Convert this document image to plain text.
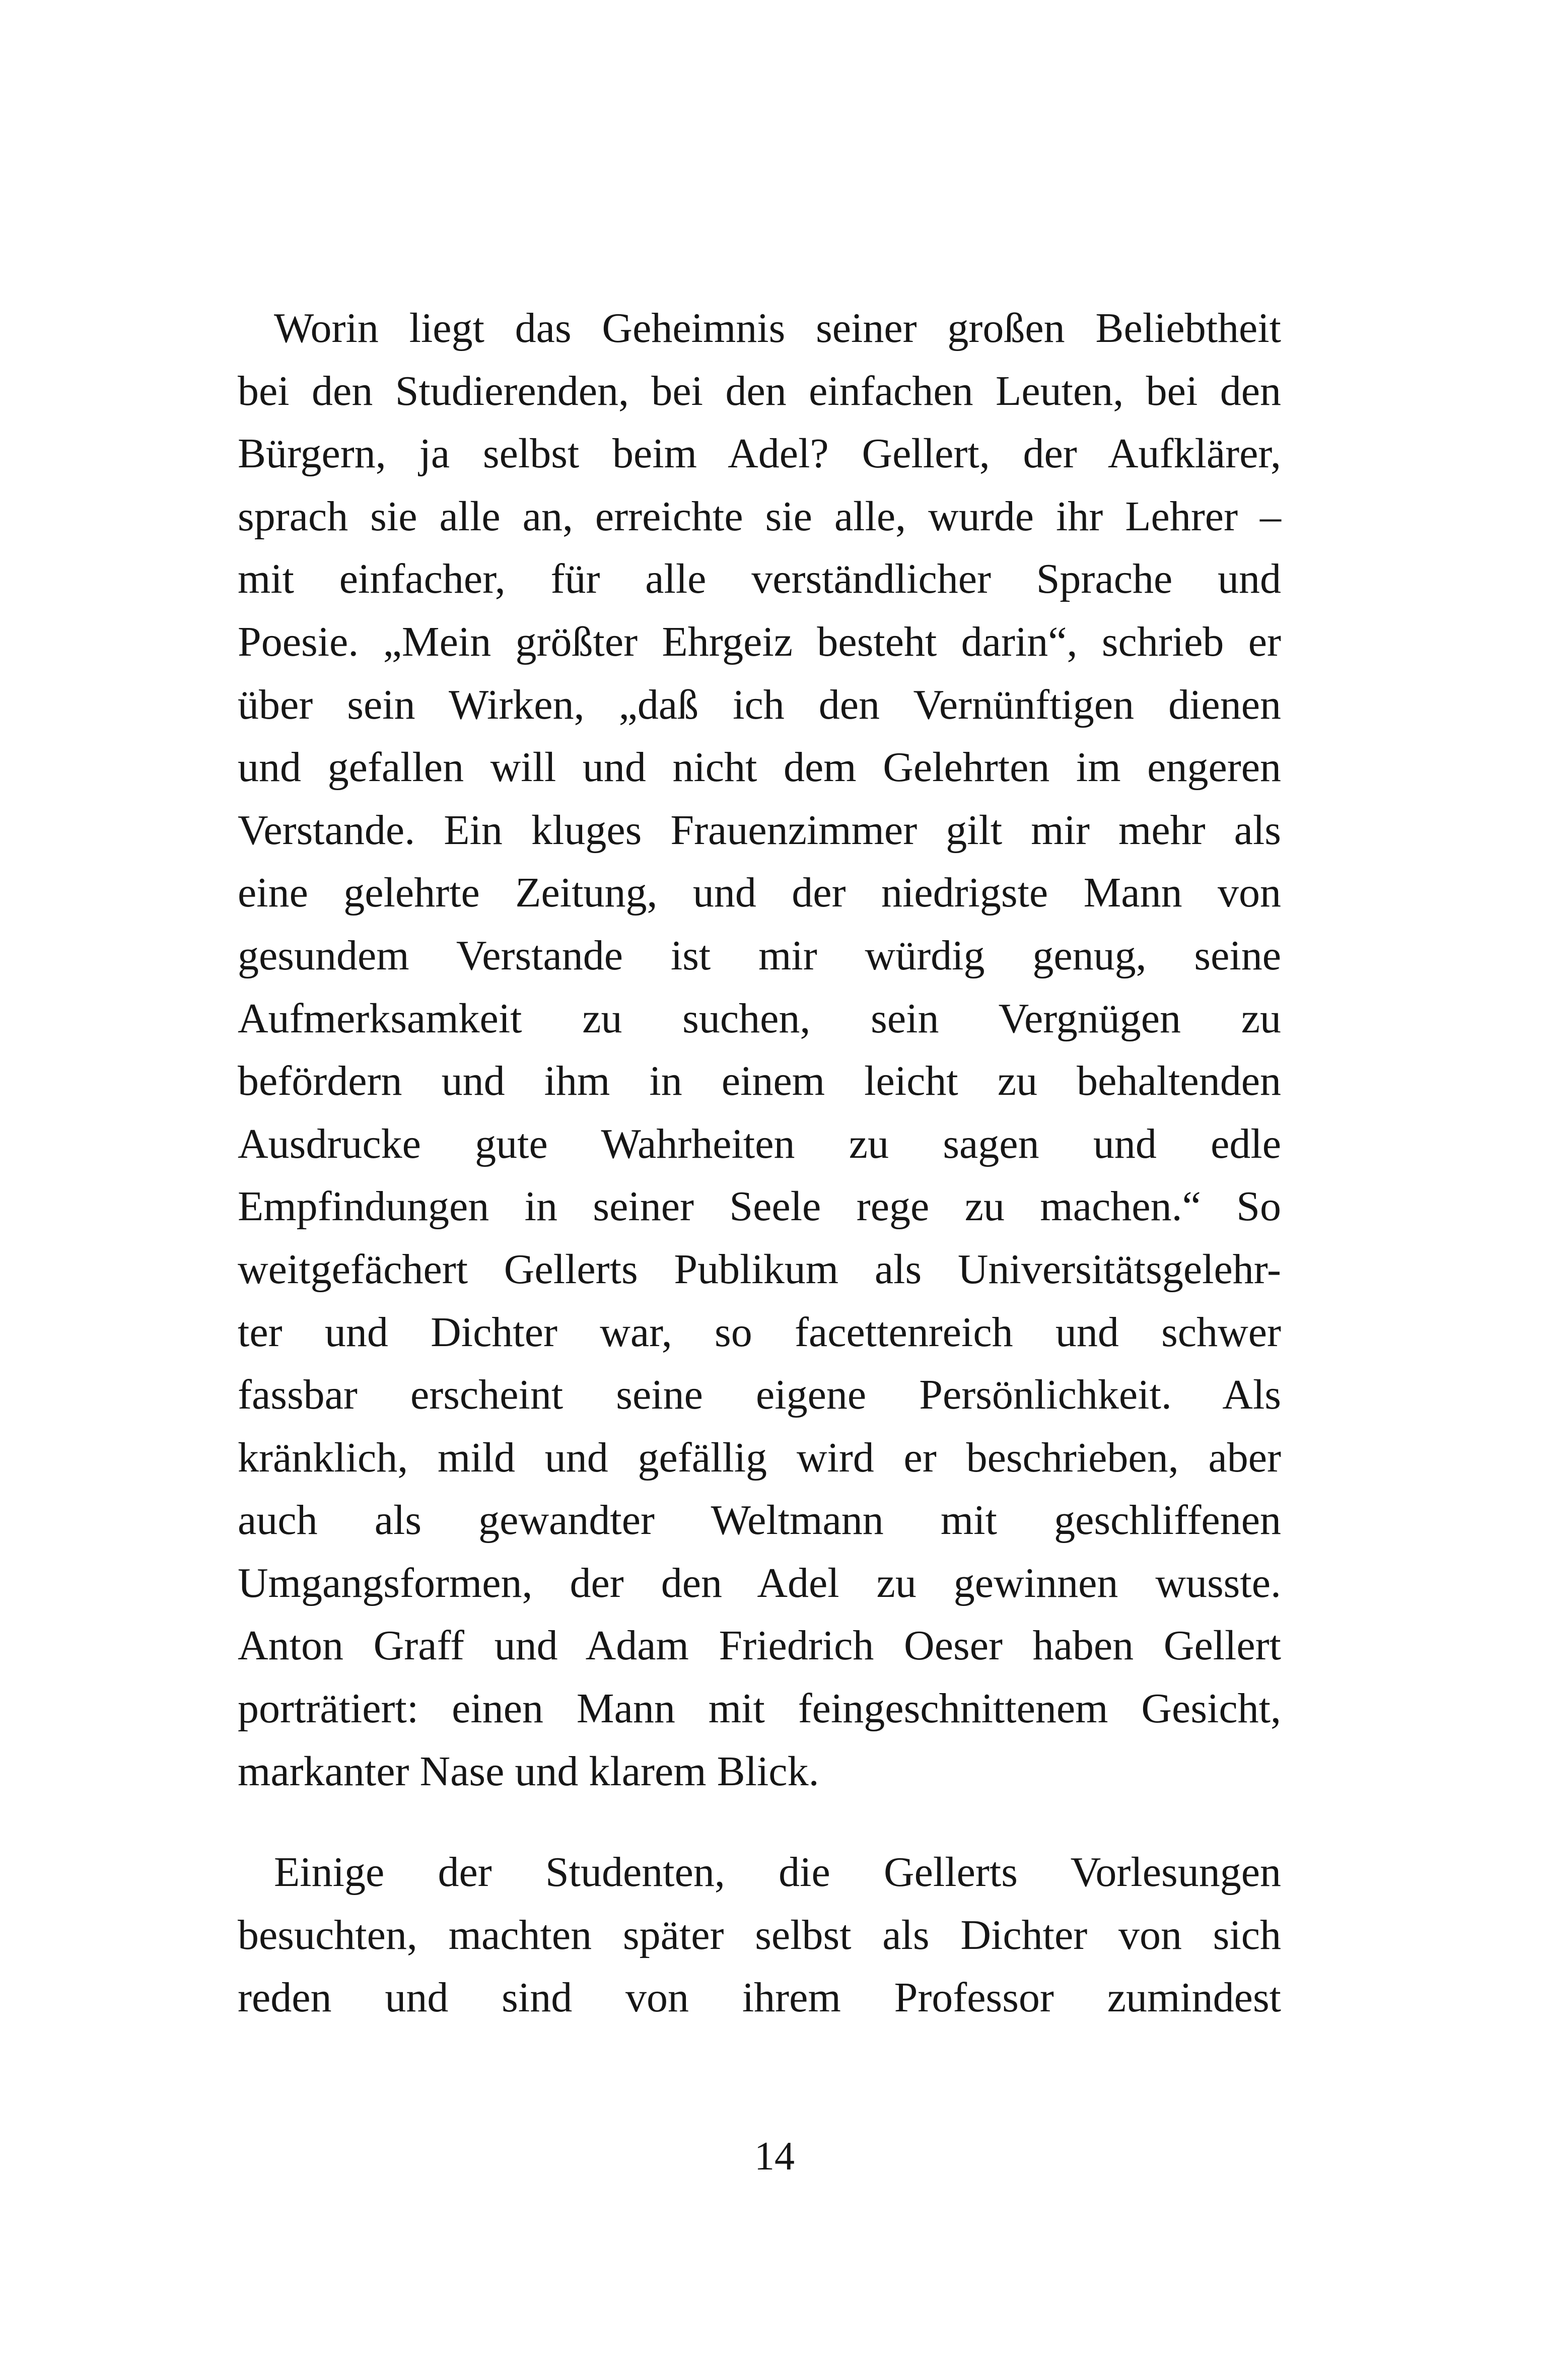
Worin liegt das Geheimnis seiner großen Beliebtheit
bei den Studierenden, bei den einfachen Leuten, bei den
Bürgern, ja selbst beim Adel? Gellert, der Aufklärer,
sprach sie alle an, erreichte sie alle, wurde ihr Lehrer –
mit einfacher, für alle verständlicher Sprache und
Poesie. „Mein größter Ehrgeiz besteht darin“, schrieb er
über sein Wirken, „daß ich den Vernünftigen dienen
und gefallen will und nicht dem Gelehrten im engeren
Verstande. Ein kluges Frauenzimmer gilt mir mehr als
eine gelehrte Zeitung, und der niedrigste Mann von
gesundem Verstande ist mir würdig genug, seine
Aufmerksamkeit zu suchen, sein Vergnügen zu
befördern und ihm in einem leicht zu behaltenden
Ausdrucke gute Wahrheiten zu sagen und edle
Empfindungen in seiner Seele rege zu machen.“ So
weitgefächert Gellerts Publikum als Universitätsgelehr-
ter und Dichter war, so facettenreich und schwer
fassbar erscheint seine eigene Persönlichkeit. Als
kränklich, mild und gefällig wird er beschrieben, aber
auch als gewandter Weltmann mit geschliffenen
Umgangsformen, der den Adel zu gewinnen wusste.
Anton Graff und Adam Friedrich Oeser haben Gellert
porträtiert: einen Mann mit feingeschnittenem Gesicht,
markanter Nase und klarem Blick.
Einige der Studenten, die Gellerts Vorlesungen
besuchten, machten später selbst als Dichter von sich
reden und sind von ihrem Professor zumindest
14
